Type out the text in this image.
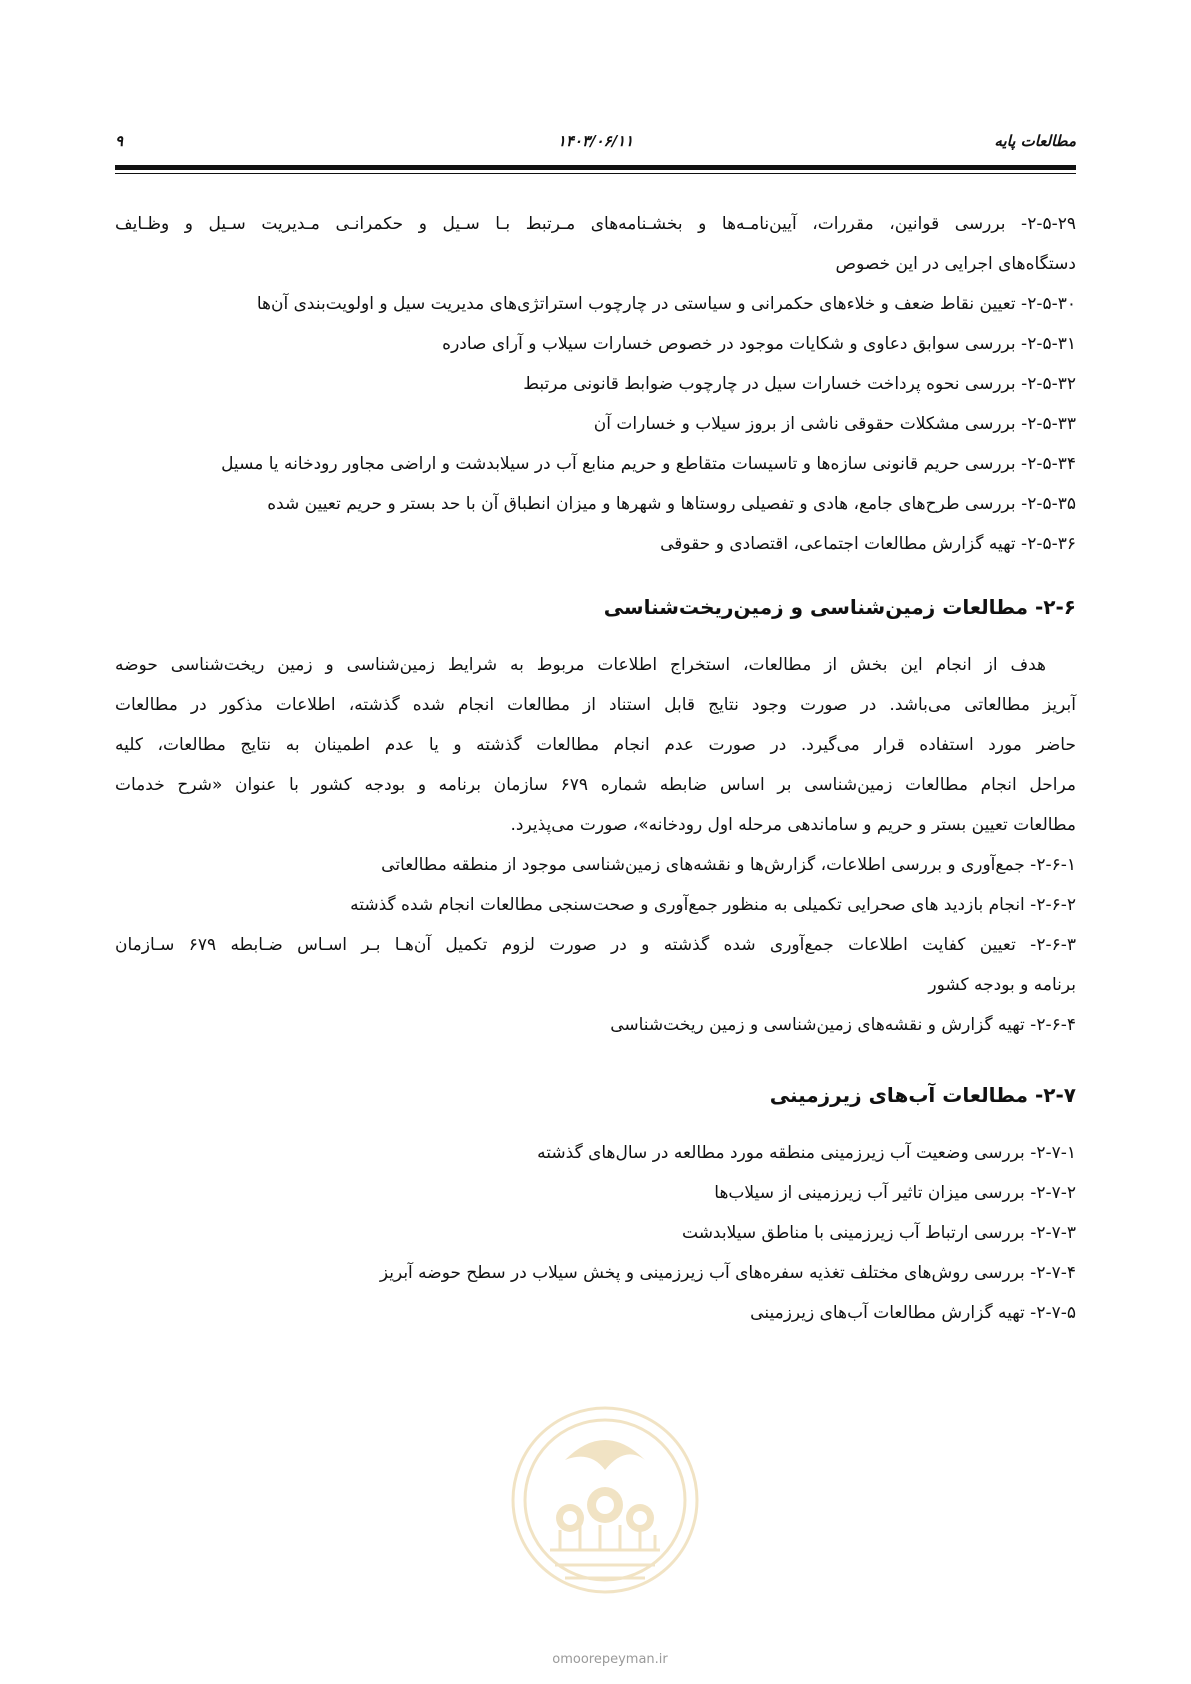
مطالعات پایه
۱۴۰۳/۰۶/۱۱
۹
۲-۵-۲۹- بررسی قوانین، مقررات، آیین‌نامـه‌ها و بخشـنامه‌های مـرتبط بـا سـیل و حکمرانـی مـدیریت سـیل و وظـایف
دستگاه‌های اجرایی در این خصوص
۲-۵-۳۰- تعیین نقاط ضعف و خلاءهای حکمرانی و سیاستی در چارچوب استراتژی‌های مدیریت سیل و اولویت‌بندی آن‌ها
۲-۵-۳۱- بررسی سوابق دعاوی و شکایات موجود در خصوص خسارات سیلاب و آرای صادره
۲-۵-۳۲- بررسی نحوه پرداخت خسارات سیل در چارچوب ضوابط قانونی مرتبط
۲-۵-۳۳- بررسی مشکلات حقوقی ناشی از بروز سیلاب و خسارات آن
۲-۵-۳۴- بررسی حریم قانونی سازه‌ها و تاسیسات متقاطع و حریم منابع آب در سیلابدشت و اراضی مجاور رودخانه یا مسیل
۲-۵-۳۵- بررسی طرح‌های جامع، هادی و تفصیلی روستاها و شهرها و میزان انطباق آن با حد بستر و حریم تعیین شده
۲-۵-۳۶- تهیه گزارش مطالعات اجتماعی، اقتصادی و حقوقی
۲-۶- مطالعات زمین‌شناسی و زمین‌ریخت‌شناسی
هدف از انجام این بخش از مطالعات، استخراج اطلاعات مربوط به شرایط زمین‌شناسی و زمین ریخت‌شناسی حوضه
آبریز مطالعاتی می‌باشد. در صورت وجود نتایج قابل استناد از مطالعات انجام شده گذشته، اطلاعات مذکور در مطالعات
حاضر مورد استفاده قرار می‌گیرد. در صورت عدم انجام مطالعات گذشته و یا عدم اطمینان به نتایج مطالعات، کلیه
مراحل انجام مطالعات زمین‌شناسی بر اساس ضابطه شماره ۶۷۹ سازمان برنامه و بودجه کشور با عنوان «شرح خدمات
مطالعات تعیین بستر و حریم و ساماندهی مرحله اول رودخانه»، صورت می‌پذیرد.
۲-۶-۱- جمع‌آوری و بررسی اطلاعات، گزارش‌ها و نقشه‌های زمین‌شناسی موجود از منطقه مطالعاتی
۲-۶-۲- انجام بازدید های صحرایی تکمیلی به منظور جمع‌آوری و صحت‌سنجی مطالعات انجام شده گذشته
۲-۶-۳- تعیین کفایت اطلاعات جمع‌آوری شده گذشته و در صورت لزوم تکمیل آن‌هـا بـر اسـاس ضـابطه ۶۷۹ سـازمان
برنامه و بودجه کشور
۲-۶-۴- تهیه گزارش و نقشه‌های زمین‌شناسی و زمین ریخت‌شناسی
۲-۷- مطالعات آب‌های زیرزمینی
۲-۷-۱- بررسی وضعیت آب زیرزمینی منطقه مورد مطالعه در سال‌های گذشته
۲-۷-۲- بررسی میزان تاثیر آب زیرزمینی از سیلاب‌ها
۲-۷-۳- بررسی ارتباط آب زیرزمینی با مناطق سیلابدشت
۲-۷-۴- بررسی روش‌های مختلف تغذیه سفره‌های آب زیرزمینی و پخش سیلاب در سطح حوضه آبریز
۲-۷-۵- تهیه گزارش مطالعات آب‌های زیرزمینی
omoorepeyman.ir
